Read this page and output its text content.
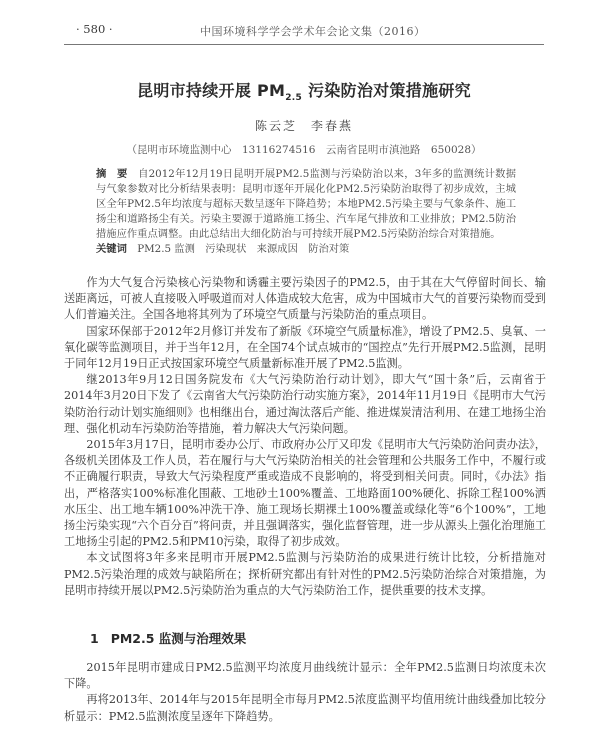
· 580 ·	中国环境科学学会学术年会论文集（2016）
昆明市持续开展 $PM_{2.5}$ 污染防治对策措施研究
陈云芝　李春燕
（昆明市环境监测中心　13116274516　云南省昆明市滇池路　650028）
摘　要　 自2012年12月19日昆明开展PM2.5监测与污染防治以来，3年多的监测统计数据与气象参数对比分析结果表明：昆明市逐年开展化化PM2.5污染防治取得了初步成效，主城区全年PM2.5年均浓度与超标天数呈逐年下降趋势；本地PM2.5污染主要与气象条件、施工扬尘和道路扬尘有关。污染主要源于道路施工扬尘、汽车尾气排放和工业排放；PM2.5防治措施应作重点调整。由此总结出大细化防治与可持续开展PM2.5污染防治综合对策措施。
关键词　 PM2.5 监测　污染现状　来源成因　防治对策

作为大气复合污染核心污染物和诱霾主要污染因子的PM2.5，由于其在大气停留时间长、输送距离远，可被人直接吸入呼吸道而对人体造成较大危害，成为中国城市大气的首要污染物而受到人们普遍关注。全国各地将其列为了环境空气质量与污染防治的重点项目。

国家环保部于2012年2月修订并发布了新版《环境空气质量标准》，增设了PM2.5、臭氧、一氧化碳等监测项目，并于当年12月，在全国74个试点城市的“国控点”先行开展PM2.5监测，昆明于同年12月19日正式按国家环境空气质量新标准开展了PM2.5监测。

继2013年9月12日国务院发布《大气污染防治行动计划》，即大气“国十条”后，云南省于2014年3月20日下发了《云南省大气污染防治行动实施方案》，2014年11月19日《昆明市大气污染防治行动计划实施细则》也相继出台，通过淘汰落后产能、推进煤炭清洁利用、在建工地扬尘治理、强化机动车污染防治等措施，着力解决大气污染问题。

2015年3月17日，昆明市委办公厅、市政府办公厅又印发《昆明市大气污染防治问责办法》，各级机关团体及工作人员，若在履行与大气污染防治相关的社会管理和公共服务工作中，不履行或不正确履行职责，导致大气污染程度严重或造成不良影响的，将受到相关问责。同时，《办法》指出，严格落实100%标准化围蔽、工地砂土100%覆盖、工地路面100%硬化、拆除工程100%洒水压尘、出工地车辆100%冲洗干净、施工现场长期裸土100%覆盖或绿化等“6个100%”，工地扬尘污染实现“六个百分百”将问责，并且强调落实，强化监督管理，进一步从源头上强化治理施工工地扬尘引起的PM2.5和PM10污染，取得了初步成效。

本文试图将3年多来昆明市开展PM2.5监测与污染防治的成果进行统计比较，分析措施对PM2.5污染治理的成效与缺陷所在；探析研究都出有针对性的PM2.5污染防治综合对策措施，为昆明市持续开展以PM2.5污染防治为重点的大气污染防治工作，提供重要的技术支撑。

1 PM2.5 监测与治理效果

2015年昆明市建成日PM2.5监测平均浓度月曲线统计显示：全年PM2.5监测日均浓度未次下降。

再将2013年、2014年与2015年昆明全市每月PM2.5浓度监测平均值用统计曲线叠加比较分析显示：PM2.5监测浓度呈逐年下降趋势。
